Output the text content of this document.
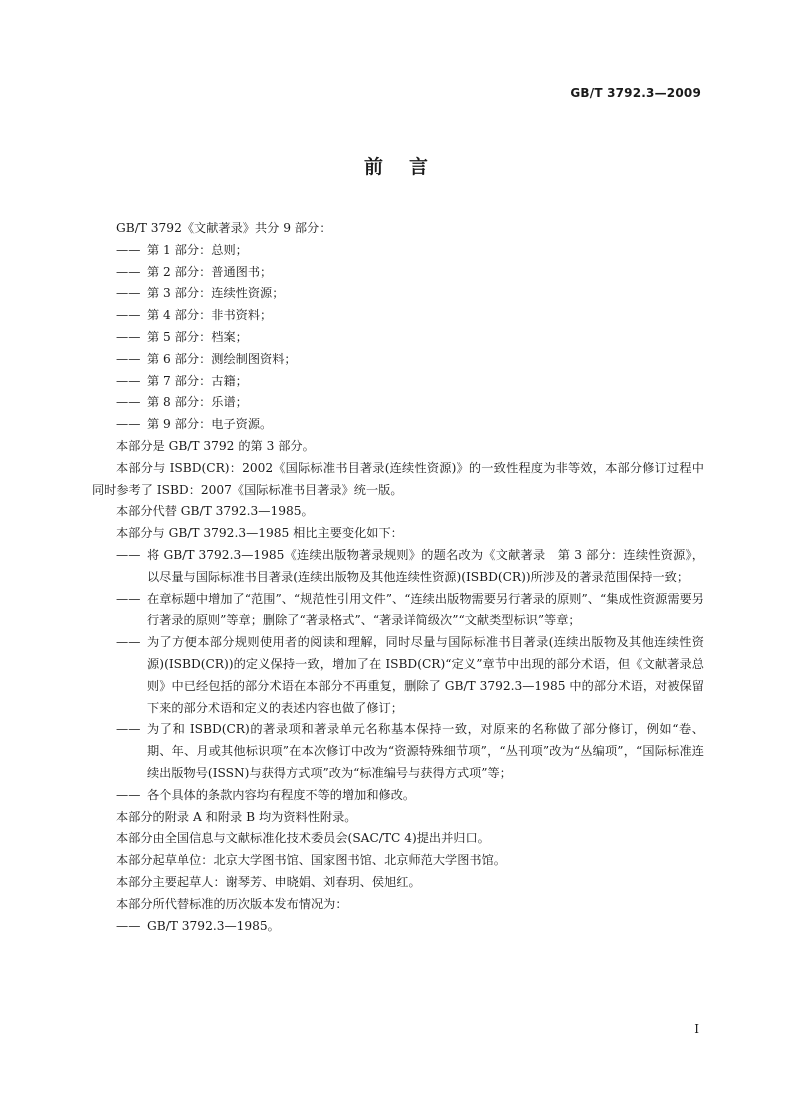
GB/T 3792.3—2009
前言

GB/T 3792《文献著录》共分 9 部分：

—— 第 1 部分：总则；

—— 第 2 部分：普通图书；

—— 第 3 部分：连续性资源；

—— 第 4 部分：非书资料；

—— 第 5 部分：档案；

—— 第 6 部分：测绘制图资料；

—— 第 7 部分：古籍；

—— 第 8 部分：乐谱；

—— 第 9 部分：电子资源。

本部分是 GB/T 3792 的第 3 部分。

本部分与 ISBD(CR)：2002《国际标准书目著录(连续性资源)》的一致性程度为非等效，本部分修订过程中同时参考了 ISBD：2007《国际标准书目著录》统一版。

本部分代替 GB/T 3792.3—1985。

本部分与 GB/T 3792.3—1985 相比主要变化如下：

—— 将 GB/T 3792.3—1985《连续出版物著录规则》的题名改为《文献著录　第 3 部分：连续性资源》，以尽量与国际标准书目著录(连续出版物及其他连续性资源)(ISBD(CR))所涉及的著录范围保持一致；

—— 在章标题中增加了“范围”、“规范性引用文件”、“连续出版物需要另行著录的原则”、“集成性资源需要另行著录的原则”等章；删除了“著录格式”、“著录详简级次”“文献类型标识”等章；

—— 为了方便本部分规则使用者的阅读和理解，同时尽量与国际标准书目著录(连续出版物及其他连续性资源)(ISBD(CR))的定义保持一致，增加了在 ISBD(CR)“定义”章节中出现的部分术语，但《文献著录总则》中已经包括的部分术语在本部分不再重复，删除了 GB/T 3792.3—1985 中的部分术语，对被保留下来的部分术语和定义的表述内容也做了修订；

—— 为了和 ISBD(CR)的著录项和著录单元名称基本保持一致，对原来的名称做了部分修订，例如“卷、期、年、月或其他标识项”在本次修订中改为“资源特殊细节项”，“丛刊项”改为“丛编项”，“国际标准连续出版物号(ISSN)与获得方式项”改为“标准编号与获得方式项”等；

—— 各个具体的条款内容均有程度不等的增加和修改。

本部分的附录 A 和附录 B 均为资料性附录。

本部分由全国信息与文献标准化技术委员会(SAC/TC 4)提出并归口。

本部分起草单位：北京大学图书馆、国家图书馆、北京师范大学图书馆。

本部分主要起草人：谢琴芳、申晓娟、刘春玥、侯旭红。

本部分所代替标准的历次版本发布情况为：

—— GB/T 3792.3—1985。

I
